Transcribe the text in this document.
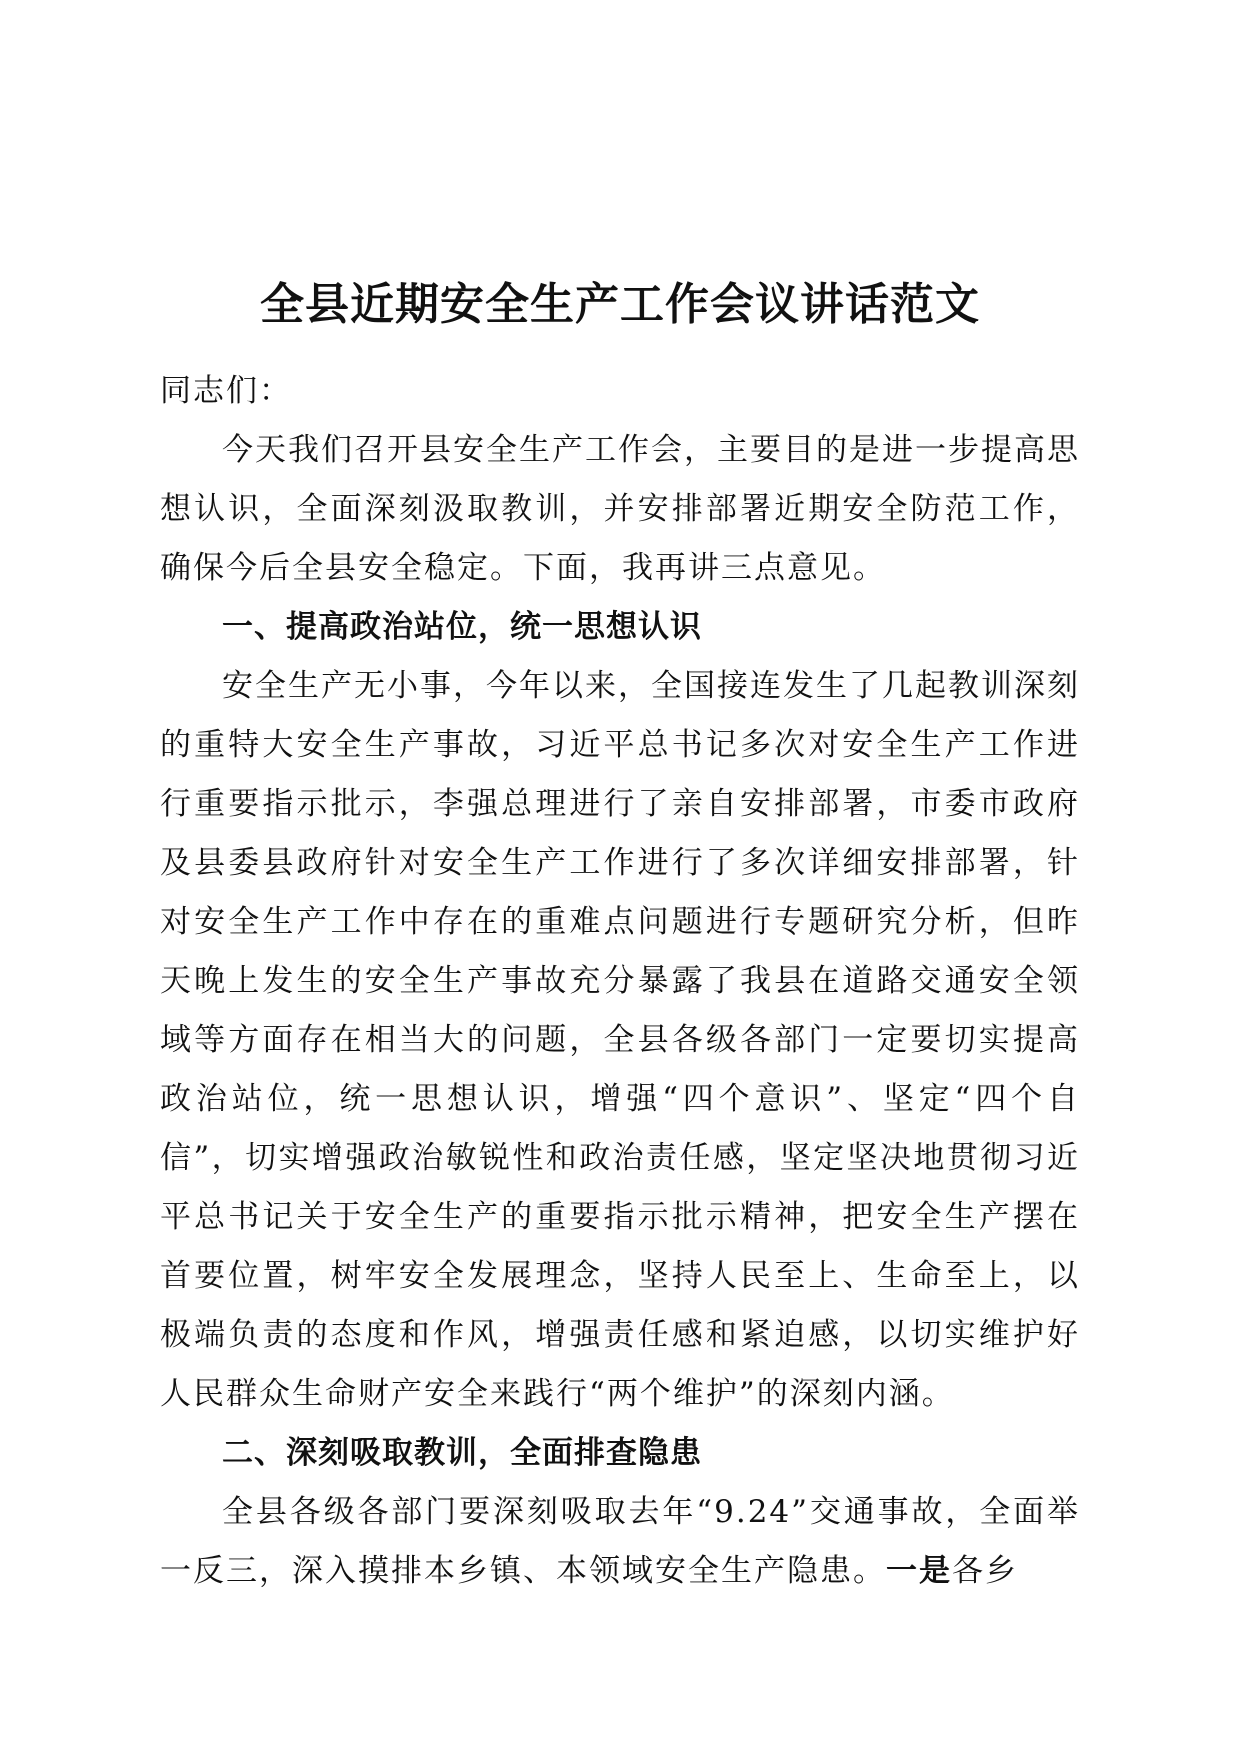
全县近期安全生产工作会议讲话范文

同志们：

今天我们召开县安全生产工作会，主要目的是进一步提高思想认识，全面深刻汲取教训，并安排部署近期安全防范工作，确保今后全县安全稳定。下面，我再讲三点意见。

一、提高政治站位，统一思想认识

安全生产无小事，今年以来，全国接连发生了几起教训深刻的重特大安全生产事故，习近平总书记多次对安全生产工作进行重要指示批示，李强总理进行了亲自安排部署，市委市政府及县委县政府针对安全生产工作进行了多次详细安排部署，针对安全生产工作中存在的重难点问题进行专题研究分析，但昨天晚上发生的安全生产事故充分暴露了我县在道路交通安全领域等方面存在相当大的问题，全县各级各部门一定要切实提高政治站位，统一思想认识，增强“四个意识”、坚定“四个自信”，切实增强政治敏锐性和政治责任感，坚定坚决地贯彻习近平总书记关于安全生产的重要指示批示精神，把安全生产摆在首要位置，树牢安全发展理念，坚持人民至上、生命至上，以极端负责的态度和作风，增强责任感和紧迫感，以切实维护好人民群众生命财产安全来践行“两个维护”的深刻内涵。

二、深刻吸取教训，全面排查隐患

全县各级各部门要深刻吸取去年“9.24”交通事故，全面举一反三，深入摸排本乡镇、本领域安全生产隐患。一是各乡
